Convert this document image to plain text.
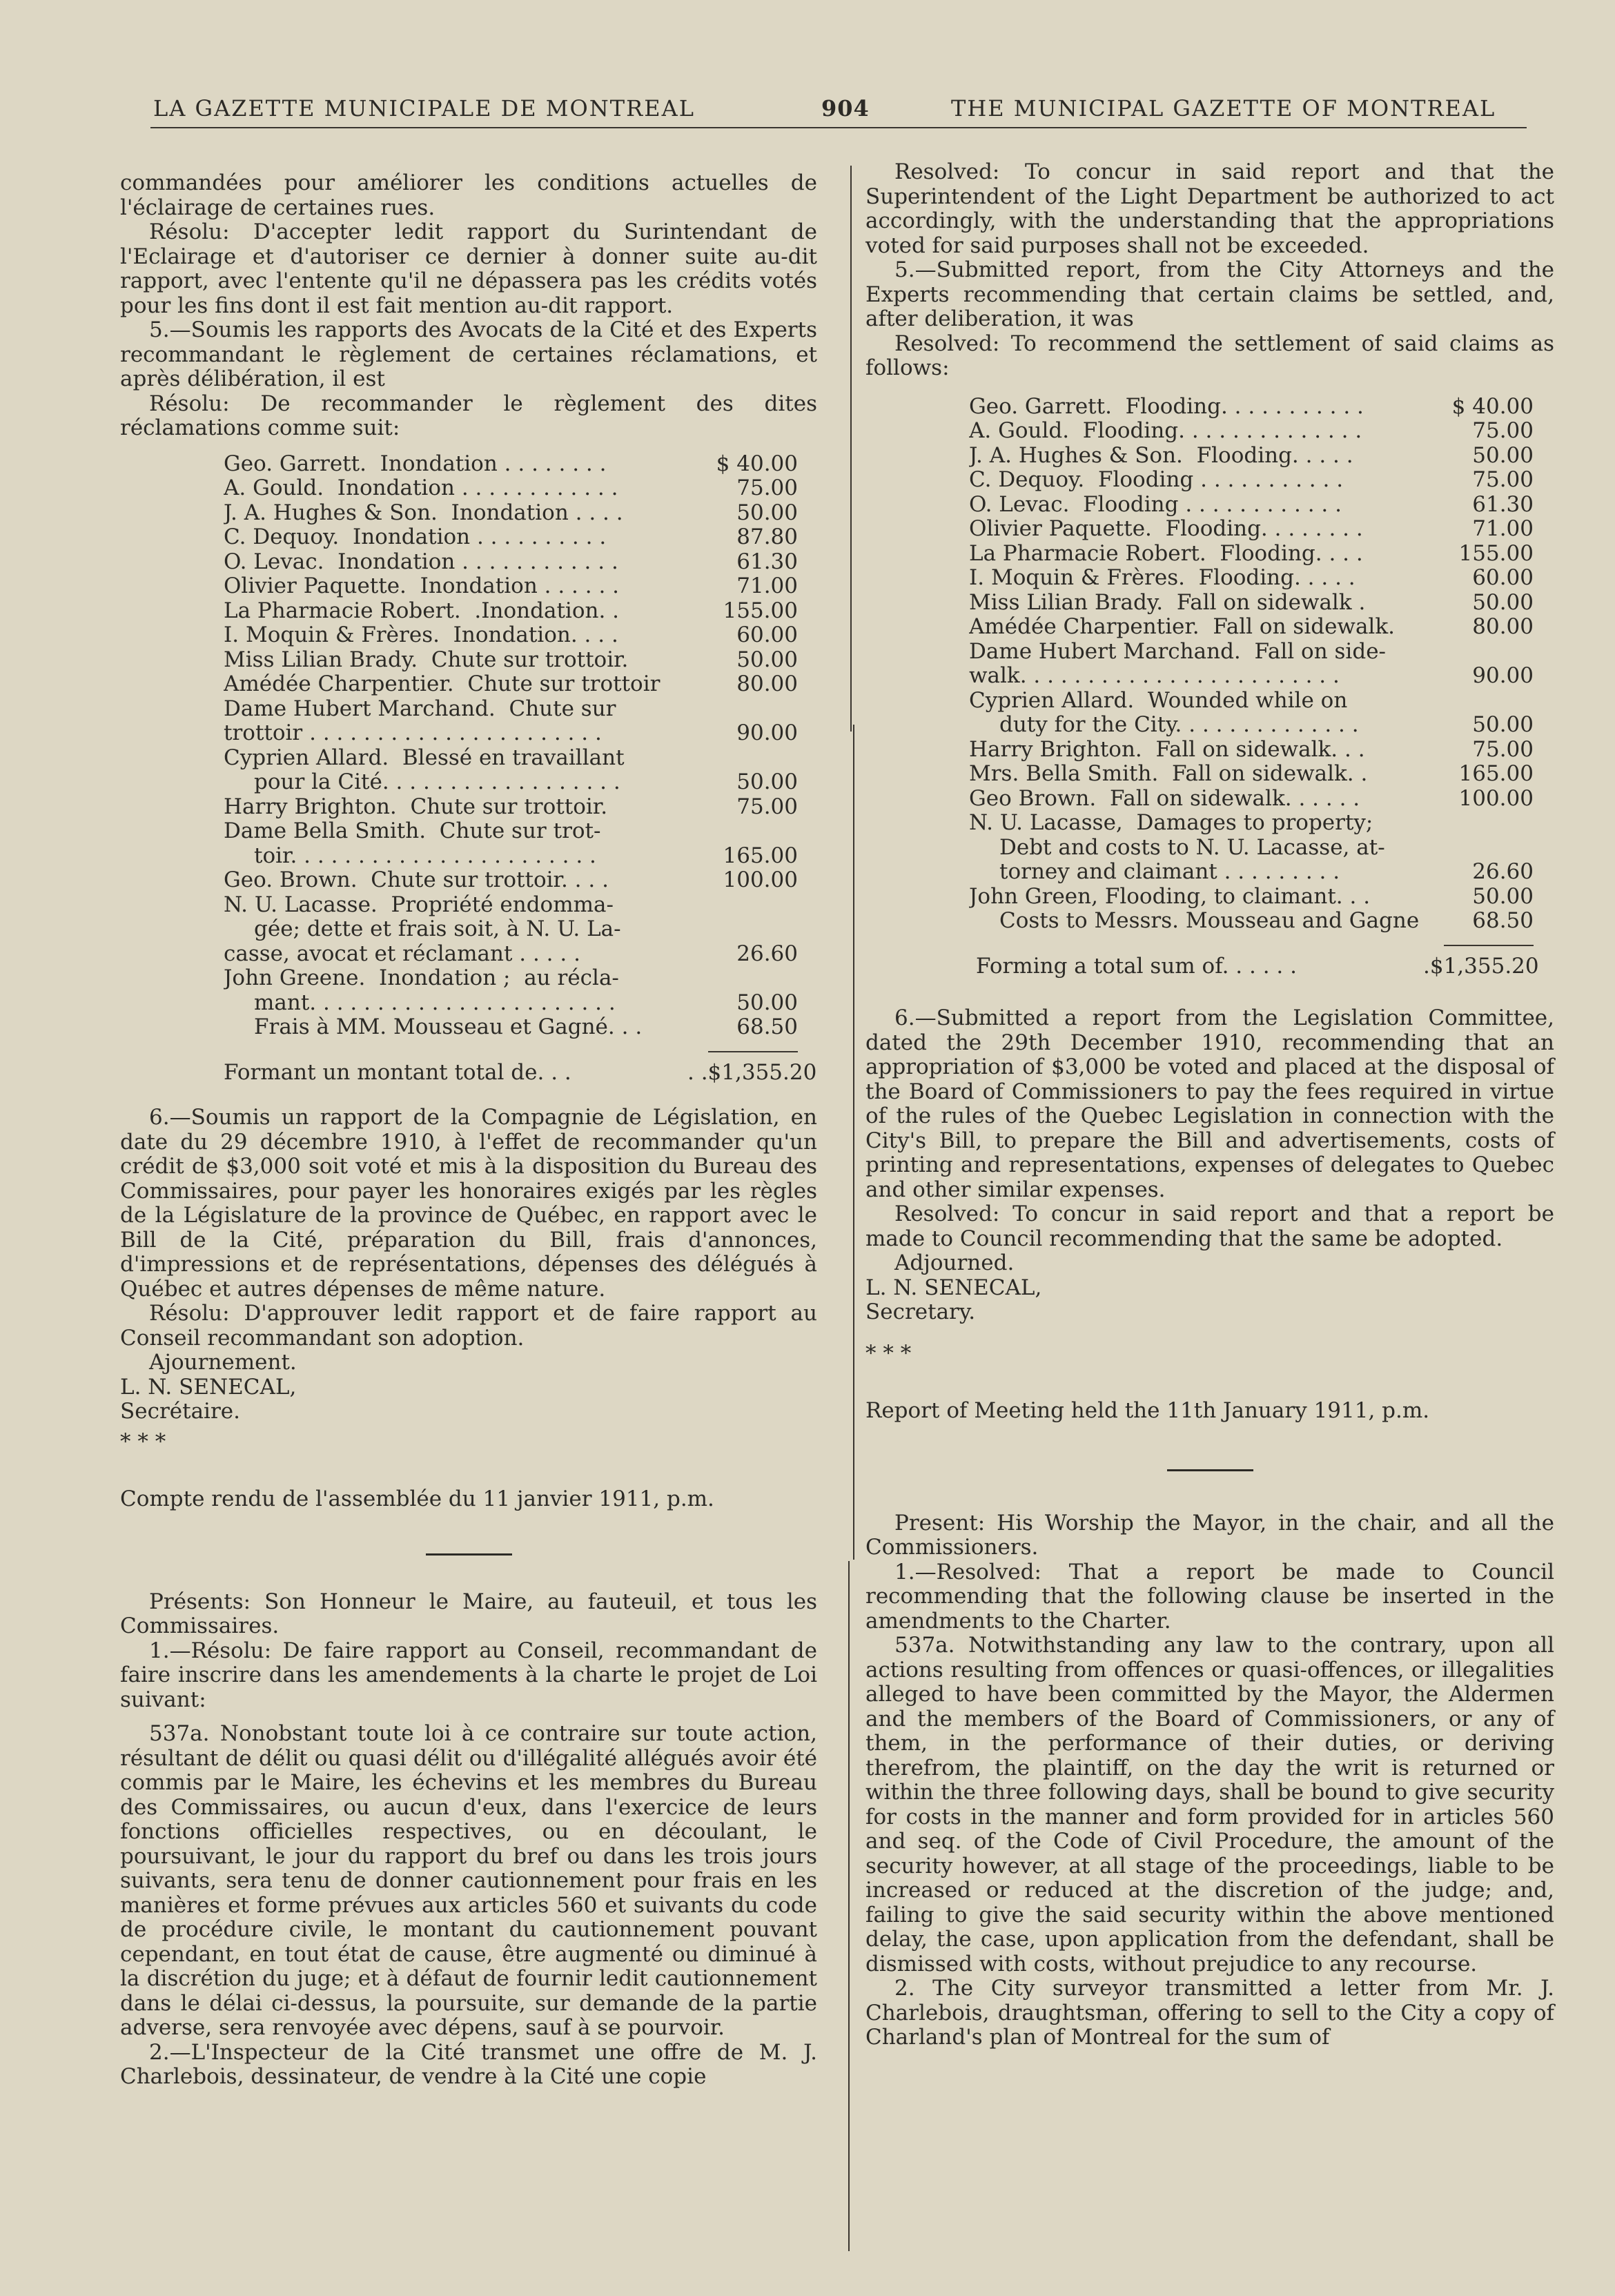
LA GAZETTE MUNICIPALE DE MONTREAL	904	THE MUNICIPAL GAZETTE OF MONTREAL

commandées pour améliorer les conditions actuelles de l'éclairage de certaines rues.

Résolu: D'accepter ledit rapport du Surintendant de l'Eclairage et d'autoriser ce dernier à donner suite au-dit rapport, avec l'entente qu'il ne dépassera pas les crédits votés pour les fins dont il est fait mention au-dit rapport.

5.—Soumis les rapports des Avocats de la Cité et des Experts recommandant le règlement de certaines réclamations, et après délibération, il est

Résolu: De recommander le règlement des dites réclamations comme suit:

Geo. Garrett.  Inondation . . . . . . . .	$ 40.00
A. Gould.  Inondation . . . . . . . . . . . .	75.00
J. A. Hughes & Son.  Inondation . . . .	50.00
C. Dequoy.  Inondation . . . . . . . . . .	87.80
O. Levac.  Inondation . . . . . . . . . . . .	61.30
Olivier Paquette.  Inondation . . . . . .	71.00
La Pharmacie Robert.  .Inondation. .	155.00
I. Moquin & Frères.  Inondation. . . .	60.00
Miss Lilian Brady.  Chute sur trottoir.	50.00
Amédée Charpentier.  Chute sur trottoir	80.00
Dame Hubert Marchand.  Chute sur
trottoir . . . . . . . . . . . . . . . . . . . . . .	90.00
Cyprien Allard.  Blessé en travaillant
pour la Cité. . . . . . . . . . . . . . . . . .	50.00
Harry Brighton.  Chute sur trottoir.	75.00
Dame Bella Smith.  Chute sur trot-
toir. . . . . . . . . . . . . . . . . . . . . . .	165.00
Geo. Brown.  Chute sur trottoir. . . .	100.00
N. U. Lacasse.  Propriété endomma-
gée; dette et frais soit, à N. U. La-
casse, avocat et réclamant . . . . .	26.60
John Greene.  Inondation ;  au récla-
mant. . . . . . . . . . . . . . . . . . . . . . .	50.00
Frais à MM. Mousseau et Gagné. . .	68.50
Formant un montant total de. . .	. .$1,355.20

6.—Soumis un rapport de la Compagnie de Législation, en date du 29 décembre 1910, à l'effet de recommander qu'un crédit de $3,000 soit voté et mis à la disposition du Bureau des Commissaires, pour payer les honoraires exigés par les règles de la Législature de la province de Québec, en rapport avec le Bill de la Cité, préparation du Bill, frais d'annonces, d'impressions et de représentations, dépenses des délégués à Québec et autres dépenses de même nature.

Résolu: D'approuver ledit rapport et de faire rapport au Conseil recommandant son adoption.

Ajournement.

L. N. SENECAL,

Secrétaire.

* * *

Compte rendu de l'assemblée du 11 janvier 1911, p.m.

Présents: Son Honneur le Maire, au fauteuil, et tous les Commissaires.

1.—Résolu: De faire rapport au Conseil, recommandant de faire inscrire dans les amendements à la charte le projet de Loi suivant:

537a. Nonobstant toute loi à ce contraire sur toute action, résultant de délit ou quasi délit ou d'illégalité allégués avoir été commis par le Maire, les échevins et les membres du Bureau des Commissaires, ou aucun d'eux, dans l'exercice de leurs fonctions officielles respectives, ou en découlant, le poursuivant, le jour du rapport du bref ou dans les trois jours suivants, sera tenu de donner cautionnement pour frais en les manières et forme prévues aux articles 560 et suivants du code de procédure civile, le montant du cautionnement pouvant cependant, en tout état de cause, être augmenté ou diminué à la discrétion du juge; et à défaut de fournir ledit cautionnement dans le délai ci-dessus, la poursuite, sur demande de la partie adverse, sera renvoyée avec dépens, sauf à se pourvoir.

2.—L'Inspecteur de la Cité transmet une offre de M. J. Charlebois, dessinateur, de vendre à la Cité une copie

Resolved: To concur in said report and that the Superintendent of the Light Department be authorized to act accordingly, with the understanding that the appropriations voted for said purposes shall not be exceeded.

5.—Submitted report, from the City Attorneys and the Experts recommending that certain claims be settled, and, after deliberation, it was

Resolved: To recommend the settlement of said claims as follows:

Geo. Garrett.  Flooding. . . . . . . . . . .	$ 40.00
A. Gould.  Flooding. . . . . . . . . . . . . .	75.00
J. A. Hughes & Son.  Flooding. . . . .	50.00
C. Dequoy.  Flooding . . . . . . . . . . .	75.00
O. Levac.  Flooding . . . . . . . . . . . .	61.30
Olivier Paquette.  Flooding. . . . . . . .	71.00
La Pharmacie Robert.  Flooding. . . .	155.00
I. Moquin & Frères.  Flooding. . . . .	60.00
Miss Lilian Brady.  Fall on sidewalk .	50.00
Amédée Charpentier.  Fall on sidewalk.	80.00
Dame Hubert Marchand.  Fall on side-
walk. . . . . . . . . . . . . . . . . . . . . . . .	90.00
Cyprien Allard.  Wounded while on
duty for the City. . . . . . . . . . . . . .	50.00
Harry Brighton.  Fall on sidewalk. . .	75.00
Mrs. Bella Smith.  Fall on sidewalk. .	165.00
Geo Brown.  Fall on sidewalk. . . . . .	100.00
N. U. Lacasse,  Damages to property;
Debt and costs to N. U. Lacasse, at-
torney and claimant . . . . . . . . .	26.60
John Green, Flooding, to claimant. . .	50.00
Costs to Messrs. Mousseau and Gagne	68.50
Forming a total sum of. . . . . .	.$1,355.20

6.—Submitted a report from the Legislation Committee, dated the 29th December 1910, recommending that an appropriation of $3,000 be voted and placed at the disposal of the Board of Commissioners to pay the fees required in virtue of the rules of the Quebec Legislation in connection with the City's Bill, to prepare the Bill and advertisements, costs of printing and representations, expenses of delegates to Quebec and other similar expenses.

Resolved: To concur in said report and that a report be made to Council recommending that the same be adopted.

Adjourned.

L. N. SENECAL,

Secretary.

* * *

Report of Meeting held the 11th January 1911, p.m.

Present: His Worship the Mayor, in the chair, and all the Commissioners.

1.—Resolved: That a report be made to Council recommending that the following clause be inserted in the amendments to the Charter.

537a. Notwithstanding any law to the contrary, upon all actions resulting from offences or quasi-offences, or illegalities alleged to have been committed by the Mayor, the Aldermen and the members of the Board of Commissioners, or any of them, in the performance of their duties, or deriving therefrom, the plaintiff, on the day the writ is returned or within the three following days, shall be bound to give security for costs in the manner and form provided for in articles 560 and seq. of the Code of Civil Procedure, the amount of the security however, at all stage of the proceedings, liable to be increased or reduced at the discretion of the judge; and, failing to give the said security within the above mentioned delay, the case, upon application from the defendant, shall be dismissed with costs, without prejudice to any recourse.

2. The City surveyor transmitted a letter from Mr. J. Charlebois, draughtsman, offering to sell to the City a copy of Charland's plan of Montreal for the sum of
